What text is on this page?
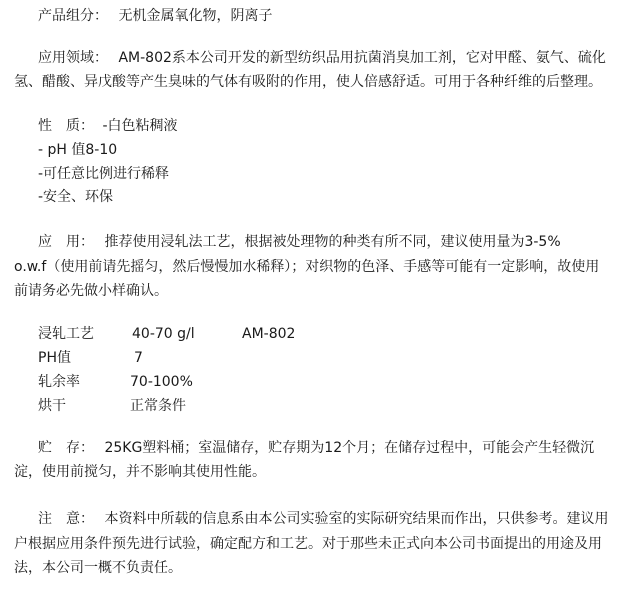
产品组分： 无机金属氧化物，阴离子
应用领域： AM-802系本公司开发的新型纺织品用抗菌消臭加工剂，它对甲醛、氨气、硫化
氢、醋酸、异戊酸等产生臭味的气体有吸附的作用，使人倍感舒适。可用于各种纤维的后整理。
性　质： -白色粘稠液
- pH 值8-10
-可任意比例进行稀释
-安全、环保
应　用： 推荐使用浸轧法工艺，根据被处理物的种类有所不同，建议使用量为3-5%
o.w.f（使用前请先摇匀，然后慢慢加水稀释）；对织物的色泽、手感等可能有一定影响，故使用
前请务必先做小样确认。
浸轧工艺	40-70 g/l	AM-802
PH值	7
轧余率	70-100%
烘干	正常条件
贮　存： 25KG塑料桶；室温储存，贮存期为12个月；在储存过程中，可能会产生轻微沉
淀，使用前搅匀，并不影响其使用性能。
注　意： 本资料中所载的信息系由本公司实验室的实际研究结果而作出，只供参考。建议用
户根据应用条件预先进行试验，确定配方和工艺。对于那些未正式向本公司书面提出的用途及用
法，本公司一概不负责任。
